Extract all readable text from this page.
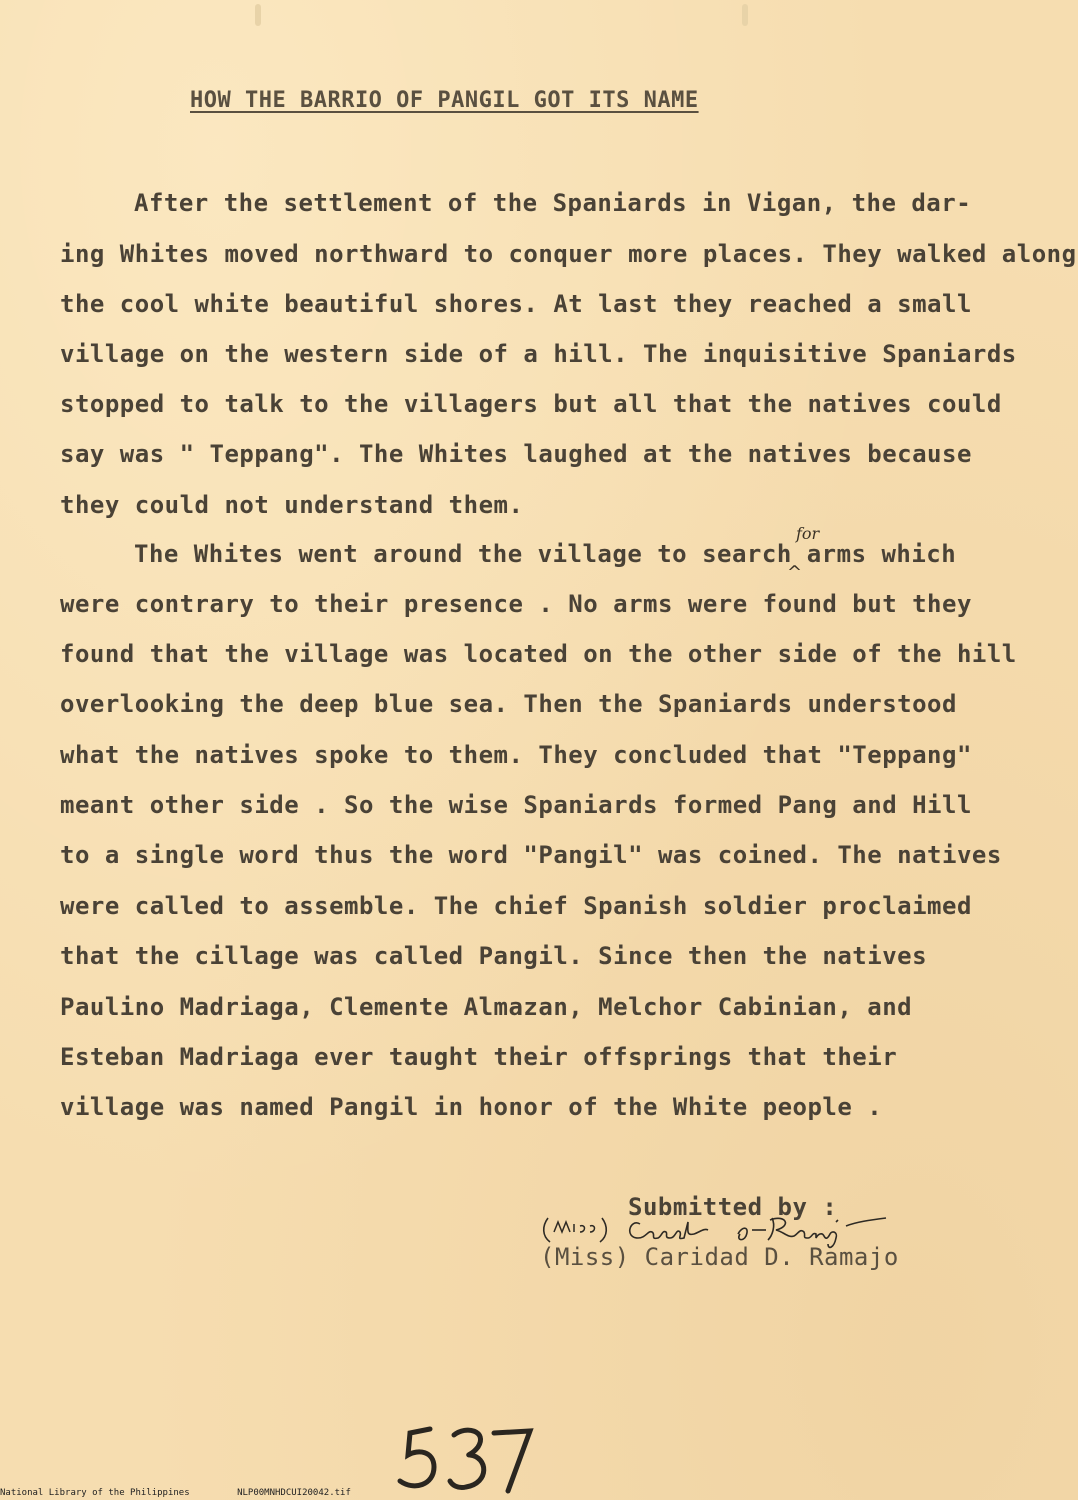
HOW THE BARRIO OF PANGIL GOT ITS NAME
After the settlement of the Spaniards in Vigan, the dar-
ing Whites moved northward to conquer more places. They walked along
the cool white beautiful shores. At last they reached a small
village on the western side of a hill. The inquisitive Spaniards
stopped to talk to the villagers but all that the natives could
say was " Teppang". The Whites laughed at the natives because
they could not understand them.
The Whites went around the village to search arms which
were contrary to their presence . No arms were found but they
found that the village was located on the other side of the hill
overlooking the deep blue sea. Then the Spaniards understood
what the natives spoke to them. They concluded that "Teppang"
meant other side . So the wise Spaniards formed Pang and Hill
to a single word thus the word "Pangil" was coined. The natives
were called to assemble. The chief Spanish soldier proclaimed
that the cillage was called Pangil. Since then the natives
Paulino Madriaga, Clemente Almazan, Melchor Cabinian, and
Esteban Madriaga ever taught their offsprings that their
village was named Pangil in honor of the White people .
for
^
Submitted by :
(Miss) Caridad D. Ramajo
National Library of the Philippines	NLP00MNHDCUI20042.tif
